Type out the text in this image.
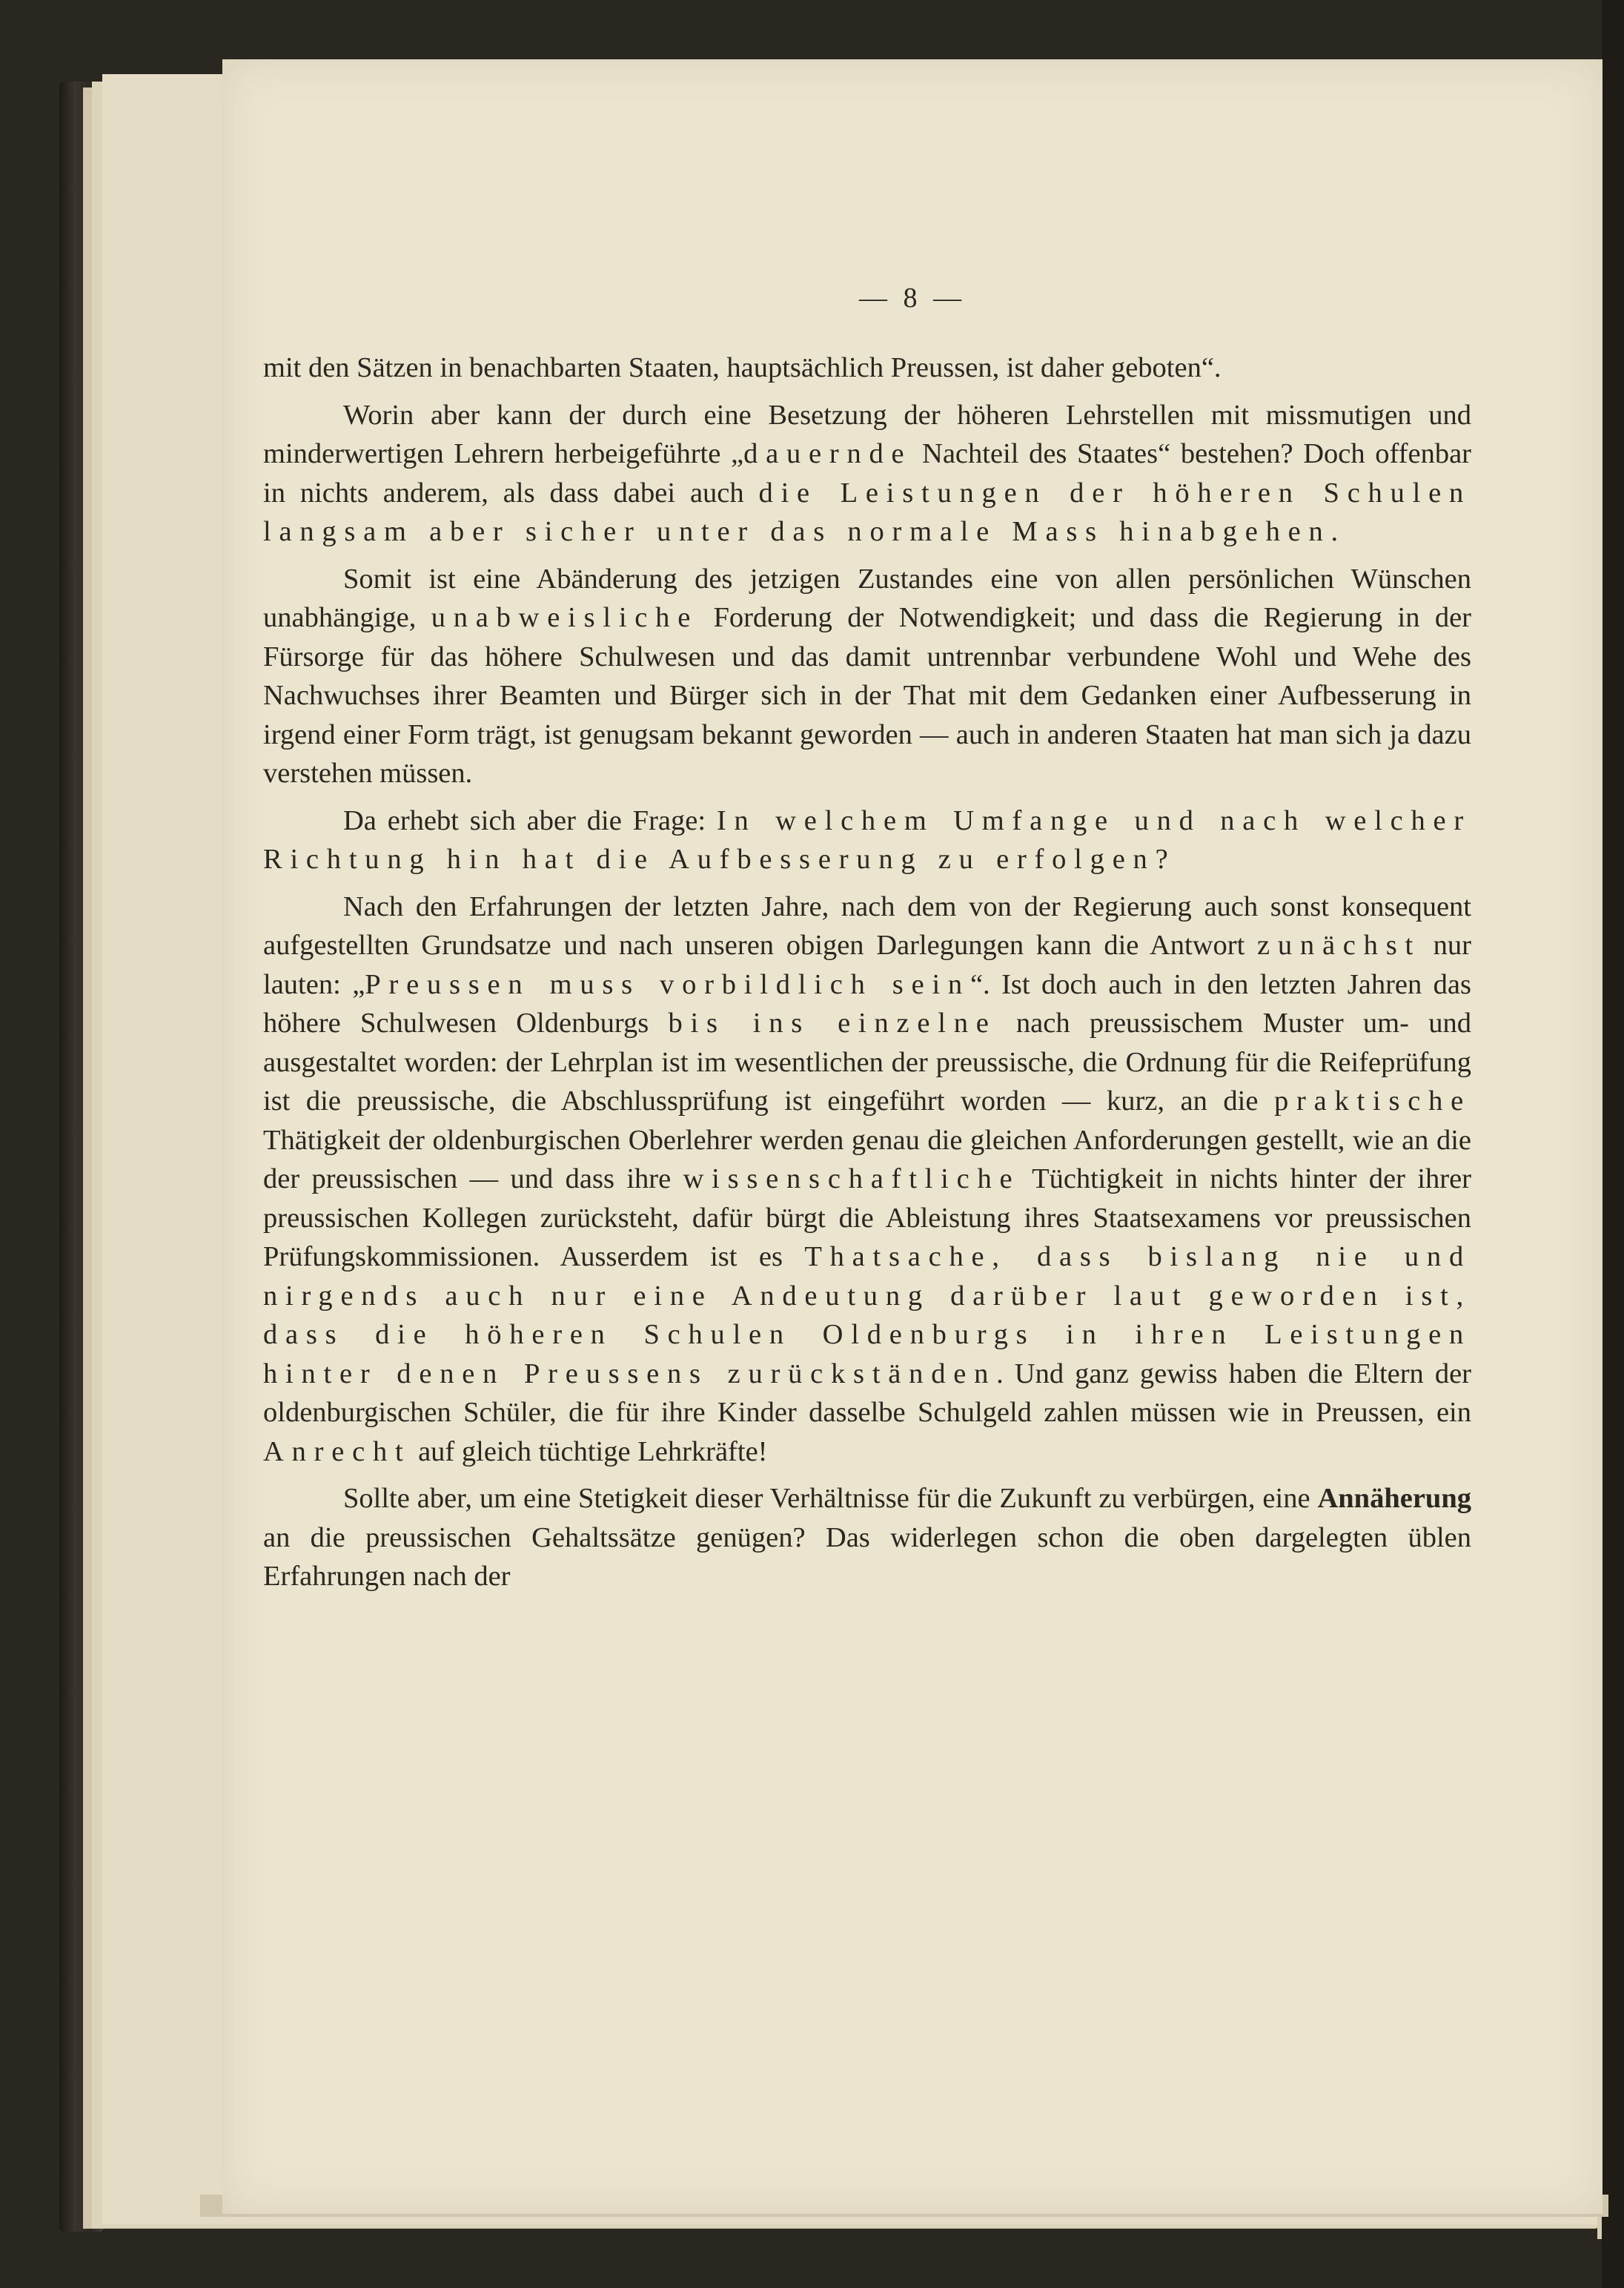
— 8 —

mit den Sätzen in benachbarten Staaten, hauptsächlich Preussen, ist daher geboten“.

Worin aber kann der durch eine Besetzung der höheren Lehrstellen mit missmutigen und minderwertigen Lehrern herbeigeführte „dauernde Nachteil des Staates“ bestehen? Doch offenbar in nichts anderem, als dass dabei auch die Leistungen der höheren Schulen langsam aber sicher unter das normale Mass hinabgehen.

Somit ist eine Abänderung des jetzigen Zustandes eine von allen persönlichen Wünschen unabhängige, unabweisliche Forderung der Notwendigkeit; und dass die Regierung in der Fürsorge für das höhere Schulwesen und das damit untrennbar verbundene Wohl und Wehe des Nachwuchses ihrer Beamten und Bürger sich in der That mit dem Gedanken einer Aufbesserung in irgend einer Form trägt, ist genugsam bekannt geworden — auch in anderen Staaten hat man sich ja dazu verstehen müssen.

Da erhebt sich aber die Frage: In welchem Umfange und nach welcher Richtung hin hat die Aufbesserung zu erfolgen?

Nach den Erfahrungen der letzten Jahre, nach dem von der Regierung auch sonst konsequent aufgestellten Grundsatze und nach unseren obigen Darlegungen kann die Antwort zunächst nur lauten: „Preussen muss vorbildlich sein“. Ist doch auch in den letzten Jahren das höhere Schulwesen Oldenburgs bis ins einzelne nach preussischem Muster um- und ausgestaltet worden: der Lehrplan ist im wesentlichen der preussische, die Ordnung für die Reifeprüfung ist die preussische, die Abschlussprüfung ist eingeführt worden — kurz, an die praktische Thätigkeit der oldenburgischen Oberlehrer werden genau die gleichen Anforderungen gestellt, wie an die der preussischen — und dass ihre wissenschaftliche Tüchtigkeit in nichts hinter der ihrer preussischen Kollegen zurücksteht, dafür bürgt die Ableistung ihres Staatsexamens vor preussischen Prüfungskommissionen. Ausserdem ist es Thatsache, dass bislang nie und nirgends auch nur eine Andeutung darüber laut geworden ist, dass die höheren Schulen Oldenburgs in ihren Leistungen hinter denen Preussens zurückständen. Und ganz gewiss haben die Eltern der oldenburgischen Schüler, die für ihre Kinder dasselbe Schulgeld zahlen müssen wie in Preussen, ein Anrecht auf gleich tüchtige Lehrkräfte!

Sollte aber, um eine Stetigkeit dieser Verhältnisse für die Zukunft zu verbürgen, eine Annäherung an die preussischen Gehaltssätze genügen? Das widerlegen schon die oben dargelegten üblen Erfahrungen nach der
